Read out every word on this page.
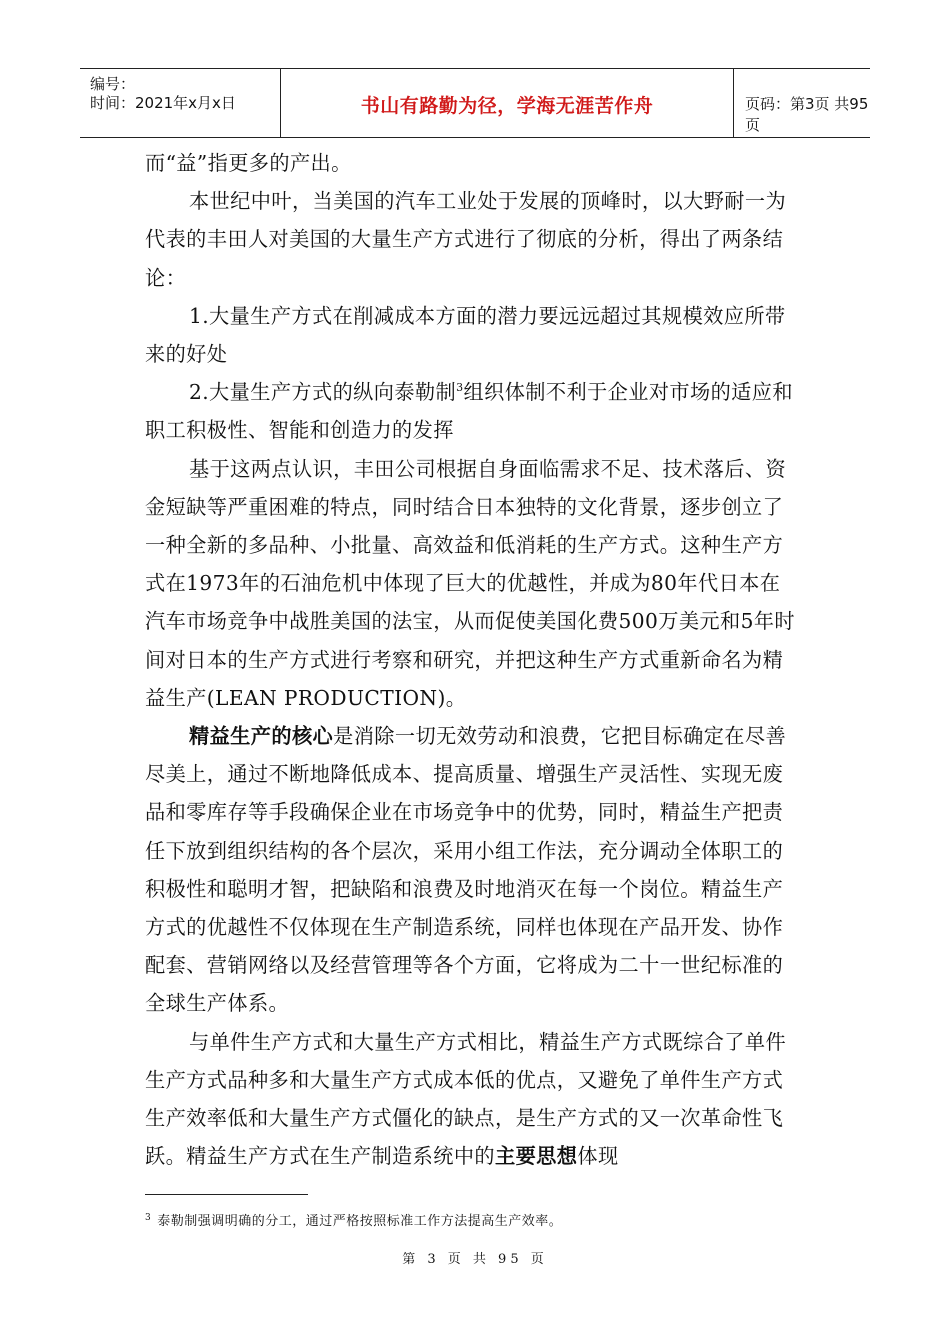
编号：
时间：2021年x月x日	书山有路勤为径，学海无涯苦作舟	页码：第3页 共95页

而“益”指更多的产出。

本世纪中叶，当美国的汽车工业处于发展的顶峰时，以大野耐一为代表的丰田人对美国的大量生产方式进行了彻底的分析，得出了两条结论：

1.大量生产方式在削减成本方面的潜力要远远超过其规模效应所带来的好处

2.大量生产方式的纵向泰勒制$^3$组织体制不利于企业对市场的适应和职工积极性、智能和创造力的发挥

基于这两点认识，丰田公司根据自身面临需求不足、技术落后、资金短缺等严重困难的特点，同时结合日本独特的文化背景，逐步创立了一种全新的多品种、小批量、高效益和低消耗的生产方式。这种生产方式在1973年的石油危机中体现了巨大的优越性，并成为80年代日本在汽车市场竞争中战胜美国的法宝，从而促使美国化费500万美元和5年时间对日本的生产方式进行考察和研究，并把这种生产方式重新命名为精益生产(LEAN PRODUCTION)。

精益生产的核心是消除一切无效劳动和浪费，它把目标确定在尽善尽美上，通过不断地降低成本、提高质量、增强生产灵活性、实现无废品和零库存等手段确保企业在市场竞争中的优势，同时，精益生产把责任下放到组织结构的各个层次，采用小组工作法，充分调动全体职工的积极性和聪明才智，把缺陷和浪费及时地消灭在每一个岗位。精益生产方式的优越性不仅体现在生产制造系统，同样也体现在产品开发、协作配套、营销网络以及经营管理等各个方面，它将成为二十一世纪标准的全球生产体系。

与单件生产方式和大量生产方式相比，精益生产方式既综合了单件生产方式品种多和大量生产方式成本低的优点，又避免了单件生产方式生产效率低和大量生产方式僵化的缺点，是生产方式的又一次革命性飞跃。精益生产方式在生产制造系统中的主要思想体现

$^3$ 泰勒制强调明确的分工，通过严格按照标准工作方法提高生产效率。
第 3 页 共 95 页
